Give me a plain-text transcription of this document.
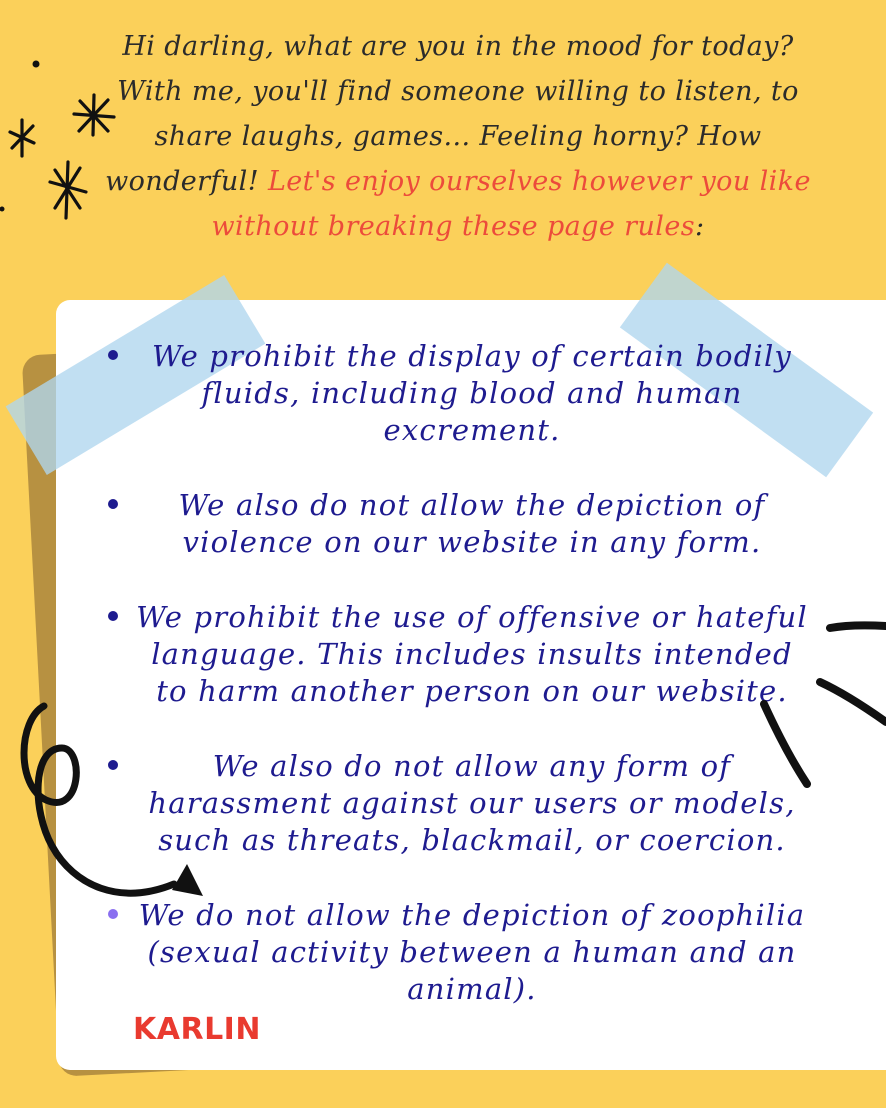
Hi darling, what are you in the mood for today?
With me, you'll find someone willing to listen, to
share laughs, games... Feeling horny? How
wonderful! Let's enjoy ourselves however you like
without breaking these page rules:
We prohibit the display of certain bodily
fluids, including blood and human
excrement.
We also do not allow the depiction of
violence on our website in any form.
We prohibit the use of offensive or hateful
language. This includes insults intended
to harm another person on our website.
We also do not allow any form of
harassment against our users or models,
such as threats, blackmail, or coercion.
We do not allow the depiction of zoophilia
(sexual activity between a human and an
animal).
KARLIN
